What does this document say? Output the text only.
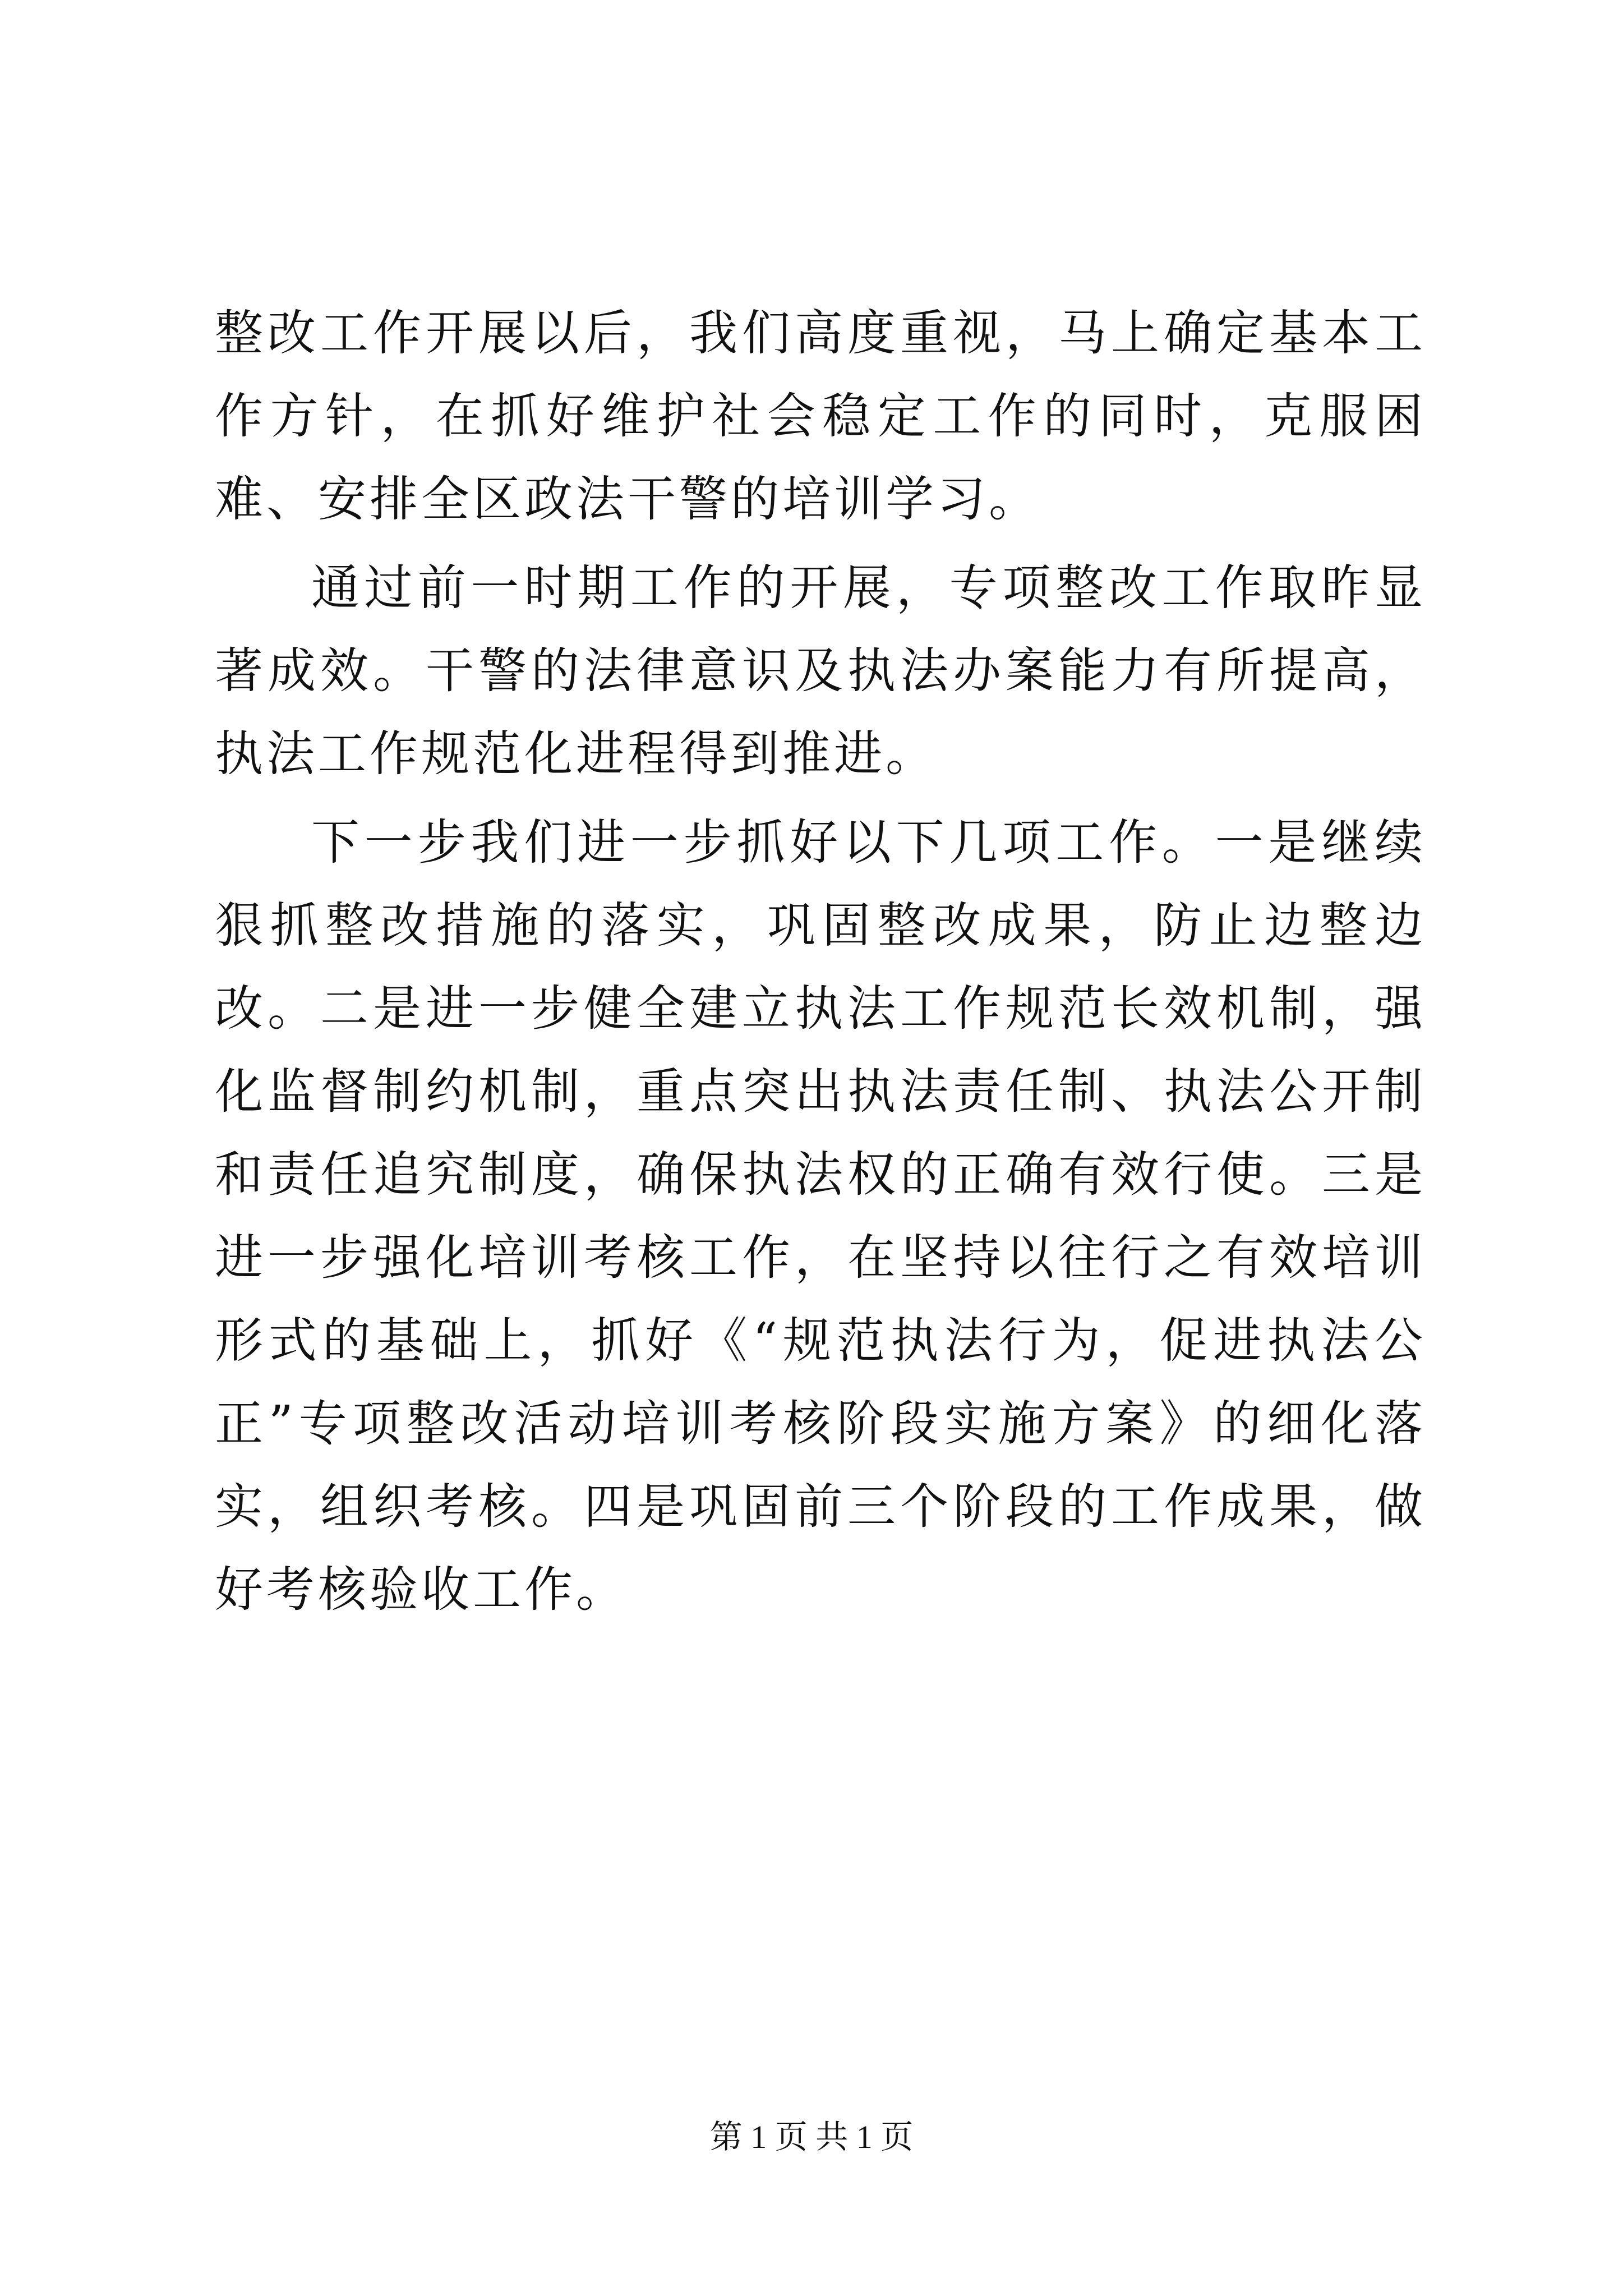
整改工作开展以后，我们高度重视，马上确定基本工作方针，在抓好维护社会稳定工作的同时，克服困难、安排全区政法干警的培训学习。

通过前一时期工作的开展，专项整改工作取昨显著成效。干警的法律意识及执法办案能力有所提高，执法工作规范化进程得到推进。

下一步我们进一步抓好以下几项工作。一是继续狠抓整改措施的落实，巩固整改成果，防止边整边改。二是进一步健全建立执法工作规范长效机制，强化监督制约机制，重点突出执法责任制、执法公开制和责任追究制度，确保执法权的正确有效行使。三是进一步强化培训考核工作，在坚持以往行之有效培训形式的基础上，抓好《“规范执法行为，促进执法公正”专项整改活动培训考核阶段实施方案》的细化落实，组织考核。四是巩固前三个阶段的工作成果，做好考核验收工作。

第 1 页 共 1 页
